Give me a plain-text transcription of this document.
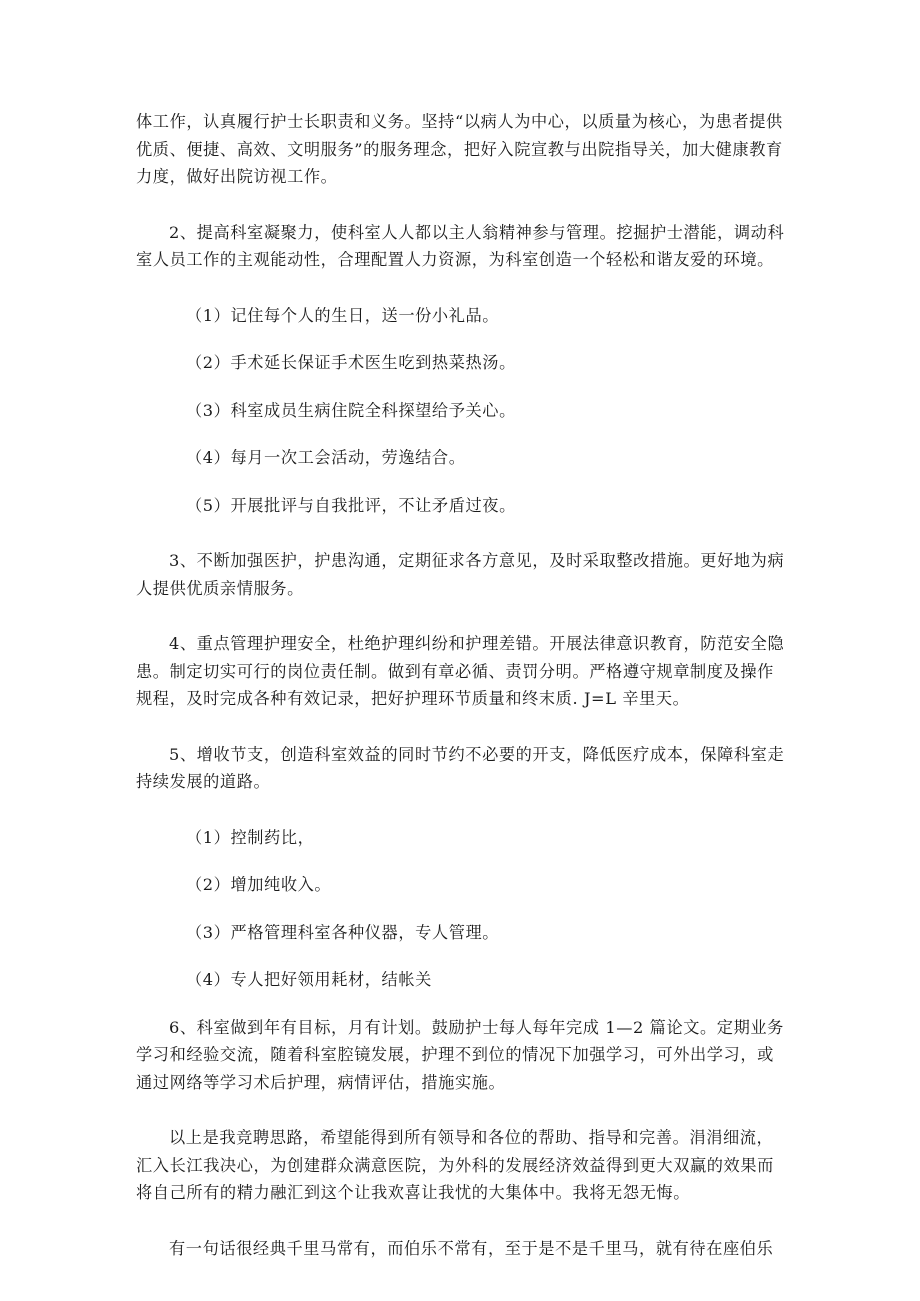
体工作，认真履行护士长职责和义务。坚持“以病人为中心，以质量为核心，为患者提供优质、便捷、高效、文明服务”的服务理念，把好入院宣教与出院指导关，加大健康教育力度，做好出院访视工作。

2、提高科室凝聚力，使科室人人都以主人翁精神参与管理。挖掘护士潜能，调动科室人员工作的主观能动性，合理配置人力资源，为科室创造一个轻松和谐友爱的环境。

（1）记住每个人的生日，送一份小礼品。

（2）手术延长保证手术医生吃到热菜热汤。

（3）科室成员生病住院全科探望给予关心。

（4）每月一次工会活动，劳逸结合。

（5）开展批评与自我批评，不让矛盾过夜。

3、不断加强医护，护患沟通，定期征求各方意见，及时采取整改措施。更好地为病人提供优质亲情服务。

4、重点管理护理安全，杜绝护理纠纷和护理差错。开展法律意识教育，防范安全隐患。制定切实可行的岗位责任制。做到有章必循、责罚分明。严格遵守规章制度及操作规程，及时完成各种有效记录，把好护理环节质量和终末质. J=L 辛里天。

5、增收节支，创造科室效益的同时节约不必要的开支，降低医疗成本，保障科室走持续发展的道路。

（1）控制药比，

（2）增加纯收入。

（3）严格管理科室各种仪器，专人管理。

（4）专人把好领用耗材，结帐关

6、科室做到年有目标，月有计划。鼓励护士每人每年完成 1—2 篇论文。定期业务学习和经验交流，随着科室腔镜发展，护理不到位的情况下加强学习，可外出学习，或通过网络等学习术后护理，病情评估，措施实施。

以上是我竞聘思路，希望能得到所有领导和各位的帮助、指导和完善。涓涓细流，汇入长江我决心，为创建群众满意医院，为外科的发展经济效益得到更大双赢的效果而将自己所有的精力融汇到这个让我欢喜让我忧的大集体中。我将无怨无悔。

有一句话很经典千里马常有，而伯乐不常有，至于是不是千里马，就有待在座伯乐
